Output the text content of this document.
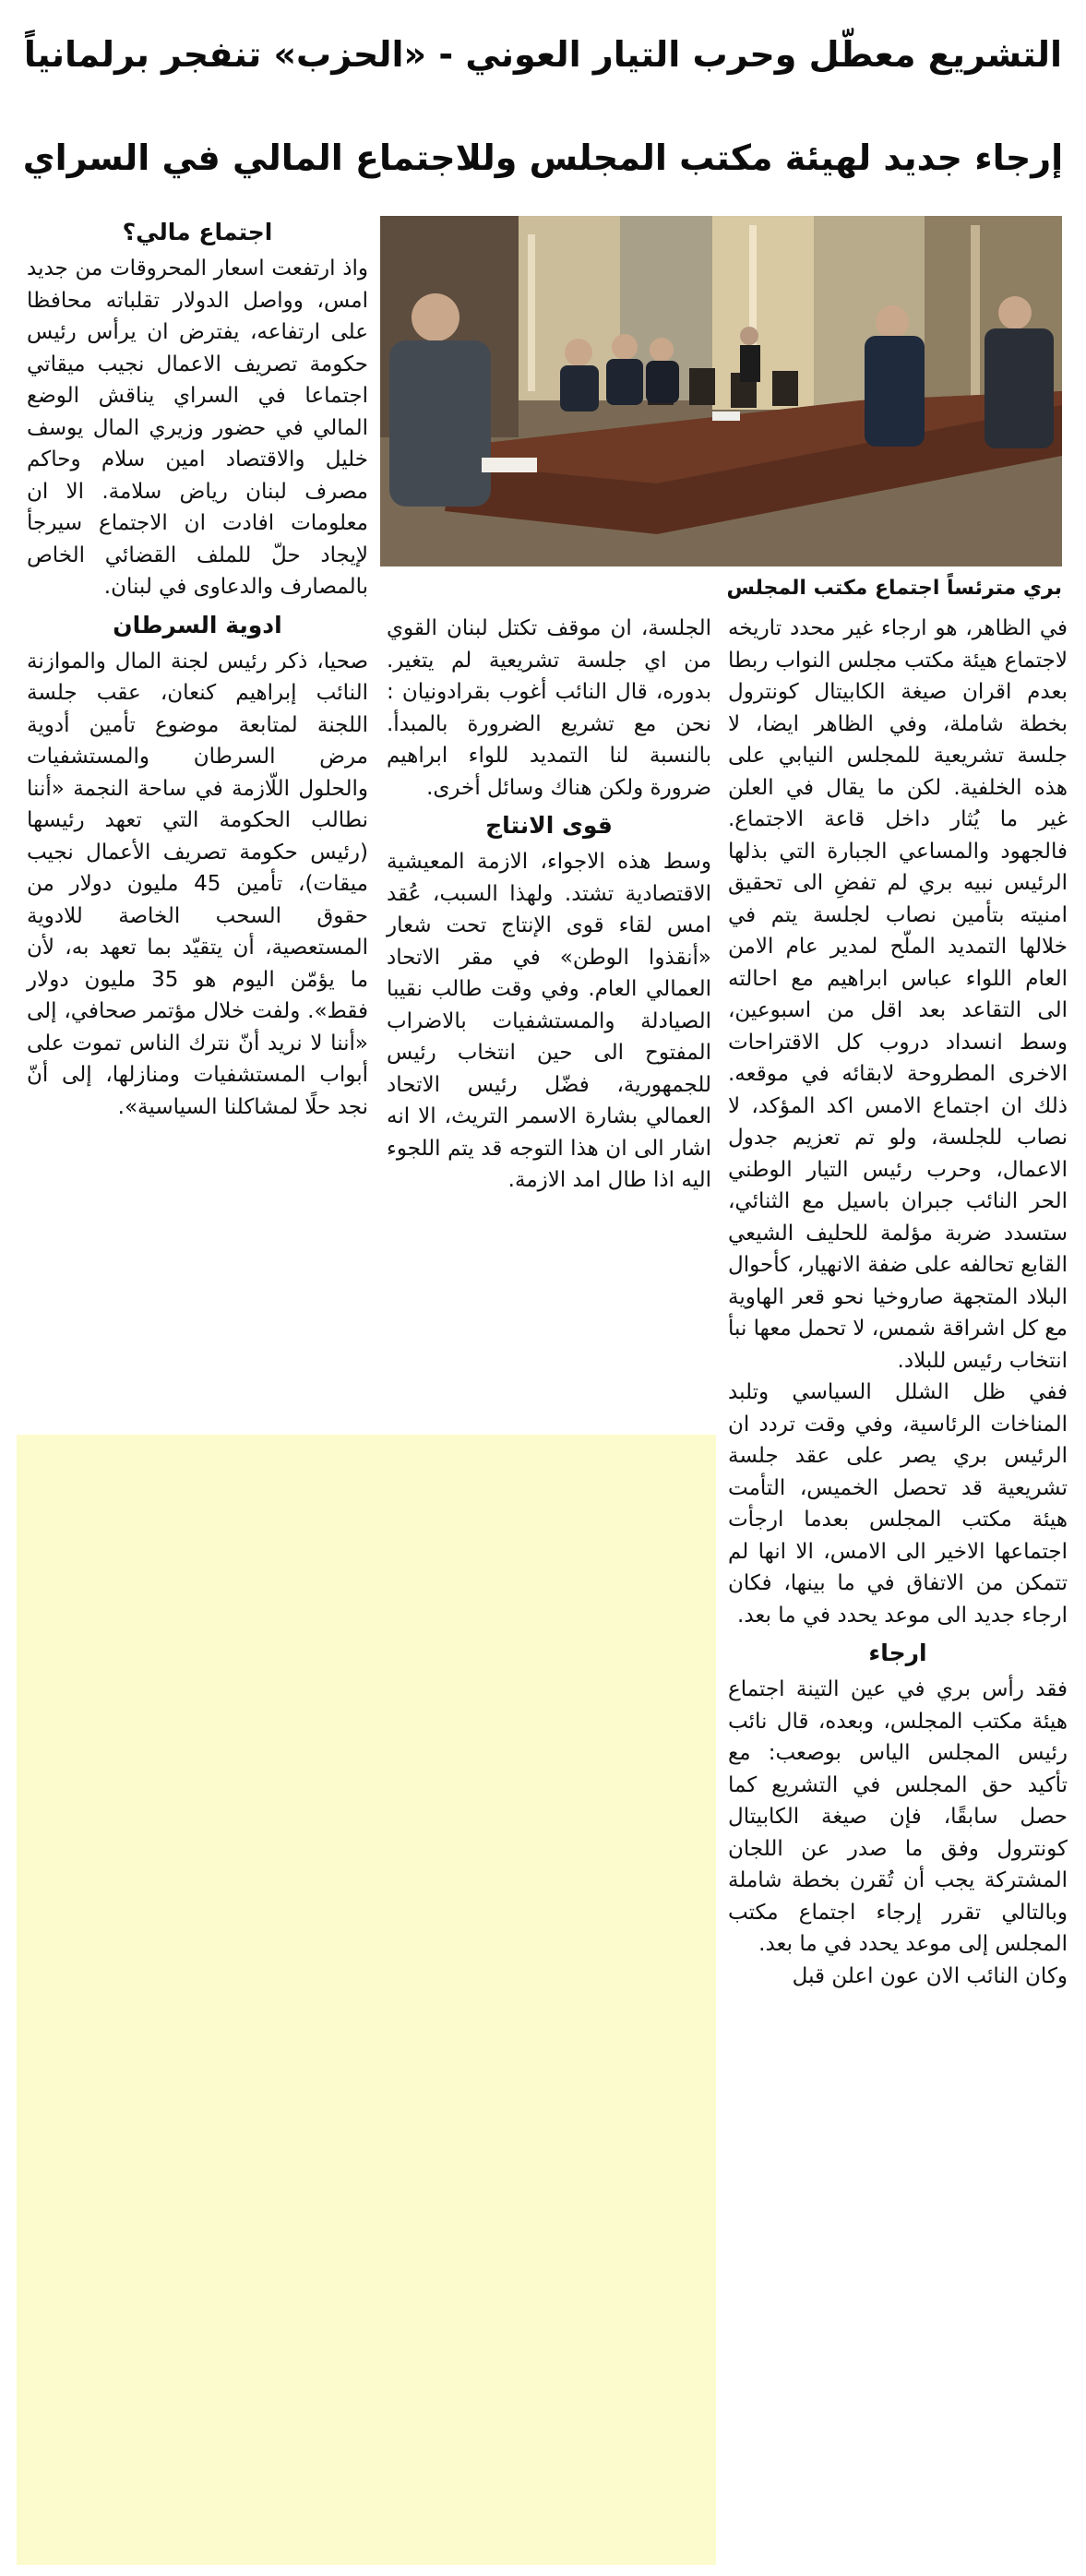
التشريع معطّل وحرب التيار العوني - «الحزب» تنفجر برلمانياً
إرجاء جديد لهيئة مكتب المجلس وللاجتماع المالي في السراي
بري مترئساً اجتماع مكتب المجلس

في الظاهر، هو ارجاء غير محدد تاريخه لاجتماع هيئة مكتب مجلس النواب ربطا بعدم اقران صيغة الكابيتال كونترول بخطة شاملة، وفي الظاهر ايضا، لا جلسة تشريعية للمجلس النيابي على هذه الخلفية. لكن ما يقال في العلن غير ما يُثار داخل قاعة الاجتماع. فالجهود والمساعي الجبارة التي بذلها الرئيس نبيه بري لم تفضِ الى تحقيق امنيته بتأمين نصاب لجلسة يتم في خلالها التمديد الملّح لمدير عام الامن العام اللواء عباس ابراهيم مع احالته الى التقاعد بعد اقل من اسبوعين، وسط انسداد دروب كل الاقتراحات الاخرى المطروحة لابقائه في موقعه. ذلك ان اجتماع الامس اكد المؤكد، لا نصاب للجلسة، ولو تم تعزيم جدول الاعمال، وحرب رئيس التيار الوطني الحر النائب جبران باسيل مع الثنائي، ستسدد ضربة مؤلمة للحليف الشيعي القابع تحالفه على ضفة الانهيار، كأحوال البلاد المتجهة صاروخيا نحو قعر الهاوية مع كل اشراقة شمس، لا تحمل معها نبأ انتخاب رئيس للبلاد.

ففي ظل الشلل السياسي وتلبد المناخات الرئاسية، وفي وقت تردد ان الرئيس بري يصر على عقد جلسة تشريعية قد تحصل الخميس، التأمت هيئة مكتب المجلس بعدما ارجأت اجتماعها الاخير الى الامس، الا انها لم تتمكن من الاتفاق في ما بينها، فكان ارجاء جديد الى موعد يحدد في ما بعد.

ارجاء

فقد رأس بري في عين التينة اجتماع هيئة مكتب المجلس، وبعده، قال نائب رئيس المجلس الياس بوصعب: مع تأكيد حق المجلس في التشريع كما حصل سابقًا، فإن صيغة الكابيتال كونترول وفق ما صدر عن اللجان المشتركة يجب أن تُقرن بخطة شاملة وبالتالي تقرر إرجاء اجتماع مكتب المجلس إلى موعد يحدد في ما بعد.

وكان النائب الان عون اعلن قبل

الجلسة، ان موقف تكتل لبنان القوي من اي جلسة تشريعية لم يتغير. بدوره، قال النائب أغوب بقرادونيان : نحن مع تشريع الضرورة بالمبدأ. بالنسبة لنا التمديد للواء ابراهيم ضرورة ولكن هناك وسائل أخرى.

قوى الانتاج

وسط هذه الاجواء، الازمة المعيشية الاقتصادية تشتد. ولهذا السبب، عُقد امس لقاء قوى الإنتاج تحت شعار «أنقذوا الوطن» في مقر الاتحاد العمالي العام. وفي وقت طالب نقيبا الصيادلة والمستشفيات بالاضراب المفتوح الى حين انتخاب رئيس للجمهورية، فضّل رئيس الاتحاد العمالي بشارة الاسمر التريث، الا انه اشار الى ان هذا التوجه قد يتم اللجوء اليه اذا طال امد الازمة.

اجتماع مالي؟

واذ ارتفعت اسعار المحروقات من جديد امس، وواصل الدولار تقلباته محافظا على ارتفاعه، يفترض ان يرأس رئيس حكومة تصريف الاعمال نجيب ميقاتي اجتماعا في السراي يناقش الوضع المالي في حضور وزيري المال يوسف خليل والاقتصاد امين سلام وحاكم مصرف لبنان رياض سلامة. الا ان معلومات افادت ان الاجتماع سيرجأ لإيجاد حلّ للملف القضائي الخاص بالمصارف والدعاوى في لبنان.

ادوية السرطان

صحيا، ذكر رئيس لجنة المال والموازنة النائب إبراهيم كنعان، عقب جلسة اللجنة لمتابعة موضوع تأمين أدوية مرض السرطان والمستشفيات والحلول اللّازمة في ساحة النجمة «أننا نطالب الحكومة التي تعهد رئيسها (رئيس حكومة تصريف الأعمال نجيب ميقات)، تأمين 45 مليون دولار من حقوق السحب الخاصة للادوية المستعصية، أن يتقيّد بما تعهد به، لأن ما يؤمّن اليوم هو 35 مليون دولار فقط». ولفت خلال مؤتمر صحافي، إلى «أننا لا نريد أنّ نترك الناس تموت على أبواب المستشفيات ومنازلها، إلى أنّ نجد حلًا لمشاكلنا السياسية».
